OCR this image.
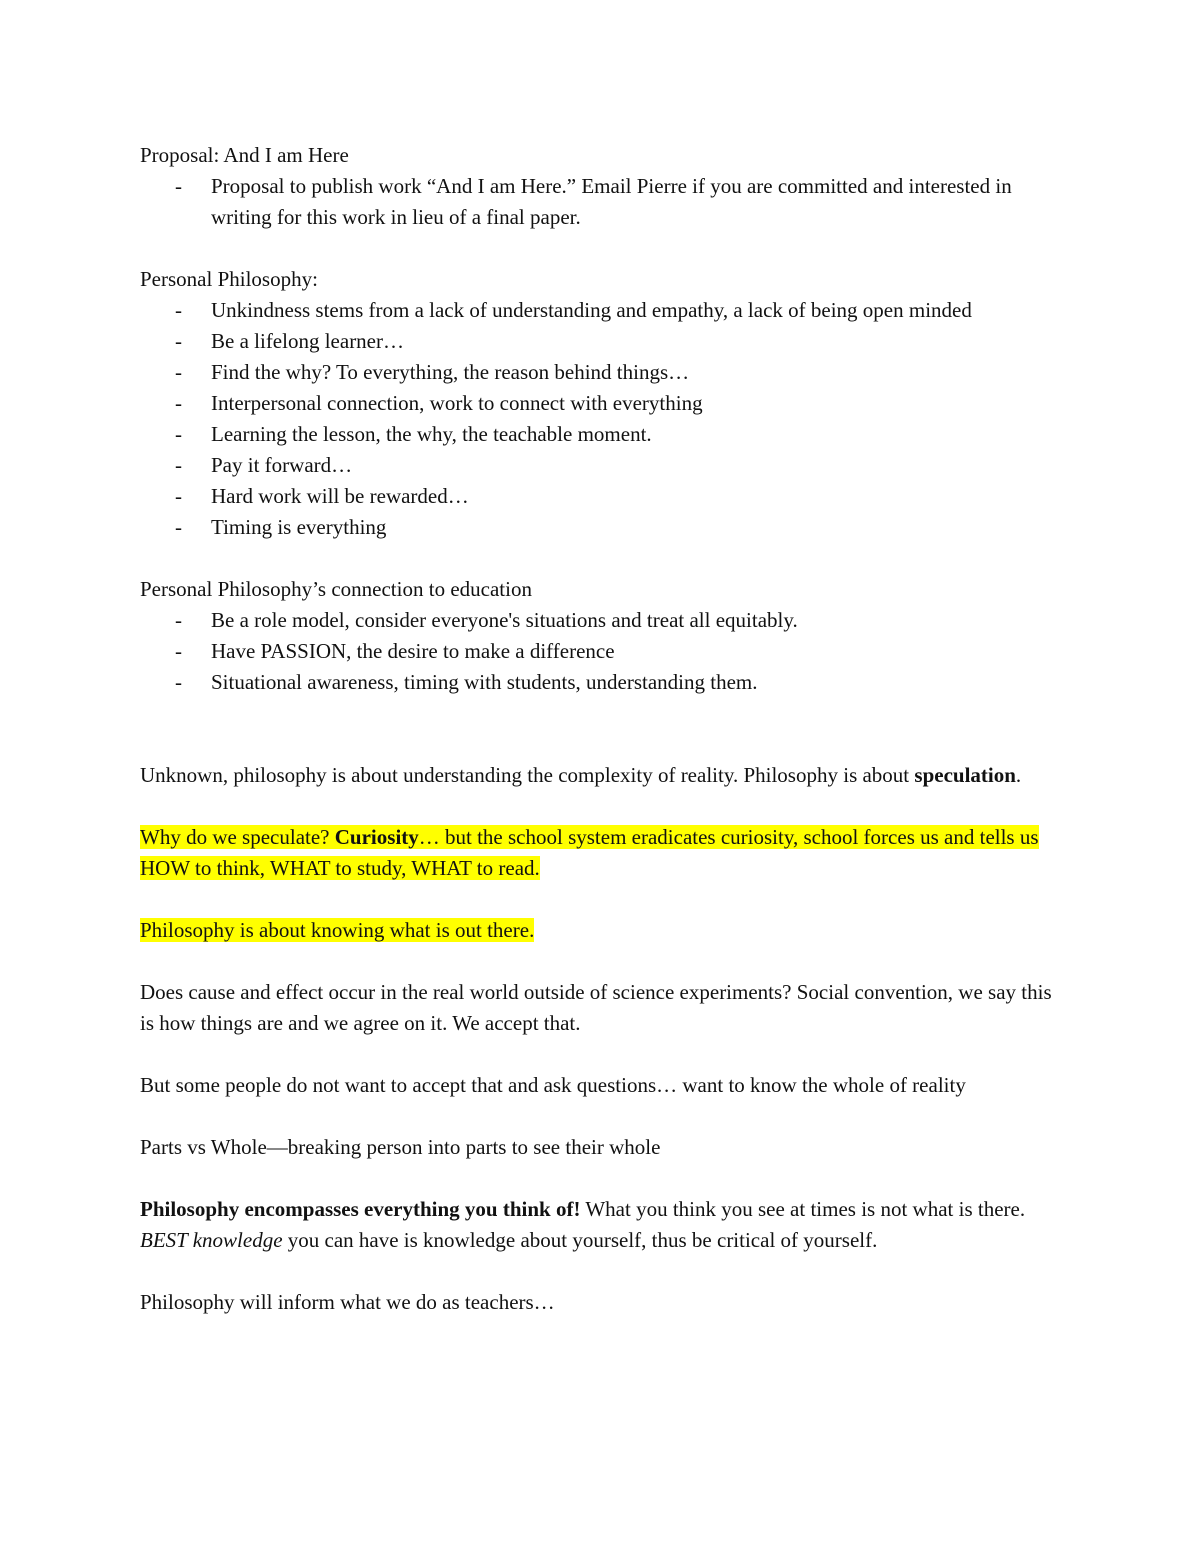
Proposal: And I am Here

- Proposal to publish work “And I am Here.” Email Pierre if you are committed and interested in writing for this work in lieu of a final paper.

Personal Philosophy:

- Unkindness stems from a lack of understanding and empathy, a lack of being open minded
- Be a lifelong learner…
- Find the why? To everything, the reason behind things…
- Interpersonal connection, work to connect with everything
- Learning the lesson, the why, the teachable moment.
- Pay it forward…
- Hard work will be rewarded…
- Timing is everything

Personal Philosophy’s connection to education

- Be a role model, consider everyone's situations and treat all equitably.
- Have PASSION, the desire to make a difference
- Situational awareness, timing with students, understanding them.

Unknown, philosophy is about understanding the complexity of reality. Philosophy is about speculation.

Why do we speculate? Curiosity… but the school system eradicates curiosity, school forces us and tells us HOW to think, WHAT to study, WHAT to read.

Philosophy is about knowing what is out there.

Does cause and effect occur in the real world outside of science experiments? Social convention, we say this is how things are and we agree on it. We accept that.

But some people do not want to accept that and ask questions… want to know the whole of reality

Parts vs Whole—breaking person into parts to see their whole

Philosophy encompasses everything you think of! What you think you see at times is not what is there. BEST knowledge you can have is knowledge about yourself, thus be critical of yourself.

Philosophy will inform what we do as teachers…
